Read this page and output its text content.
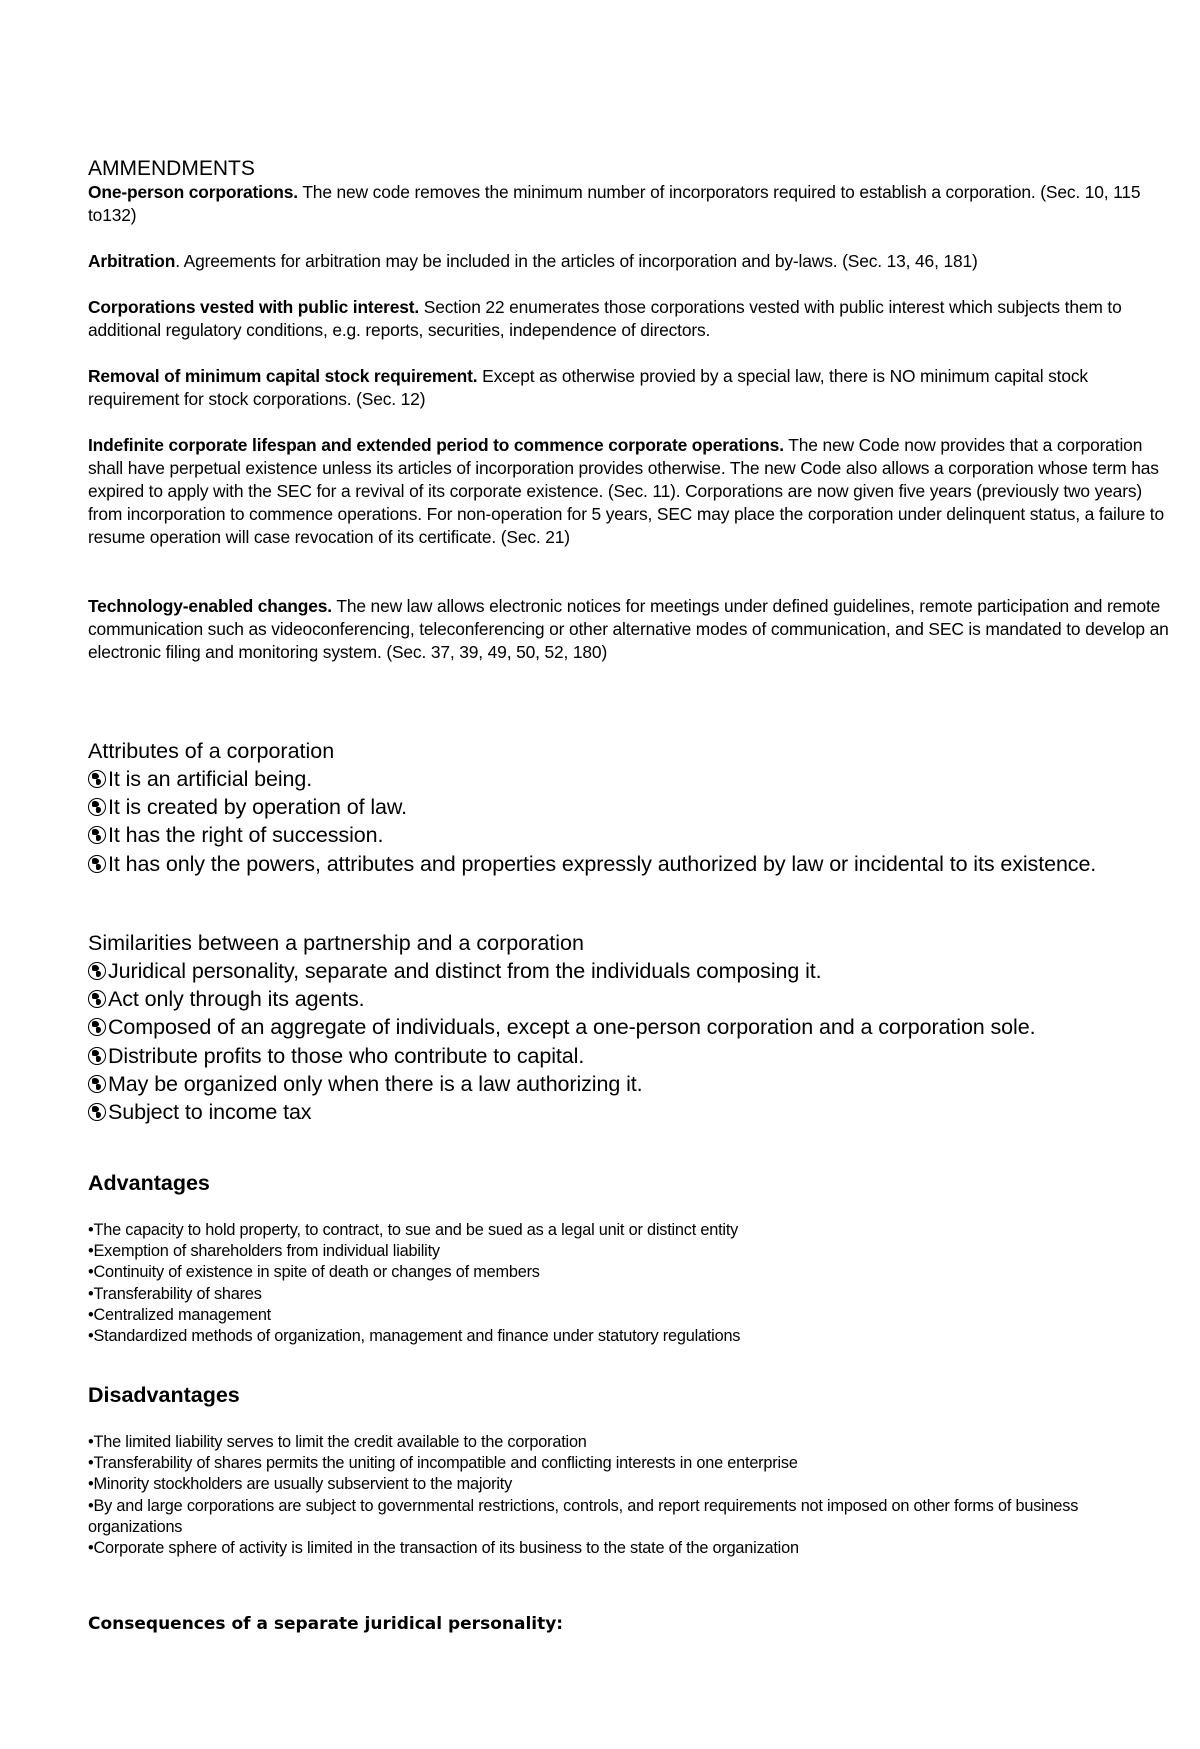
AMMENDMENTS
One-person corporations. The new code removes the minimum number of incorporators required to establish a corporation. (Sec. 10, 115 to132)
Arbitration. Agreements for arbitration may be included in the articles of incorporation and by-laws. (Sec. 13, 46, 181)
Corporations vested with public interest. Section 22 enumerates those corporations vested with public interest which subjects them to additional regulatory conditions, e.g. reports, securities, independence of directors.
Removal of minimum capital stock requirement. Except as otherwise provied by a special law, there is NO minimum capital stock requirement for stock corporations. (Sec. 12)
Indefinite corporate lifespan and extended period to commence corporate operations. The new Code now provides that a corporation shall have perpetual existence unless its articles of incorporation provides otherwise. The new Code also allows a corporation whose term has expired to apply with the SEC for a revival of its corporate existence. (Sec. 11). Corporations are now given five years (previously two years) from incorporation to commence operations. For non-operation for 5 years, SEC may place the corporation under delinquent status, a failure to resume operation will case revocation of its certificate. (Sec. 21)
Technology-enabled changes. The new law allows electronic notices for meetings under defined guidelines, remote participation and remote communication such as videoconferencing, teleconferencing or other alternative modes of communication, and SEC is mandated to develop an electronic filing and monitoring system. (Sec. 37, 39, 49, 50, 52, 180)
Attributes of a corporation
It is an artificial being.
It is created by operation of law.
It has the right of succession.
It has only the powers, attributes and properties expressly authorized by law or incidental to its existence.
Similarities between a partnership and a corporation
Juridical personality, separate and distinct from the individuals composing it.
Act only through its agents.
Composed of an aggregate of individuals, except a one-person corporation and a corporation sole.
Distribute profits to those who contribute to capital.
May be organized only when there is a law authorizing it.
Subject to income tax
Advantages
•The capacity to hold property, to contract, to sue and be sued as a legal unit or distinct entity
•Exemption of shareholders from individual liability
•Continuity of existence in spite of death or changes of members
•Transferability of shares
•Centralized management
•Standardized methods of organization, management and finance under statutory regulations
Disadvantages
•The limited liability serves to limit the credit available to the corporation
•Transferability of shares permits the uniting of incompatible and conflicting interests in one enterprise
•Minority stockholders are usually subservient to the majority
•By and large corporations are subject to governmental restrictions, controls, and report requirements not imposed on other forms of business organizations
•Corporate sphere of activity is limited in the transaction of its business to the state of the organization
Consequences of a separate juridical personality:
